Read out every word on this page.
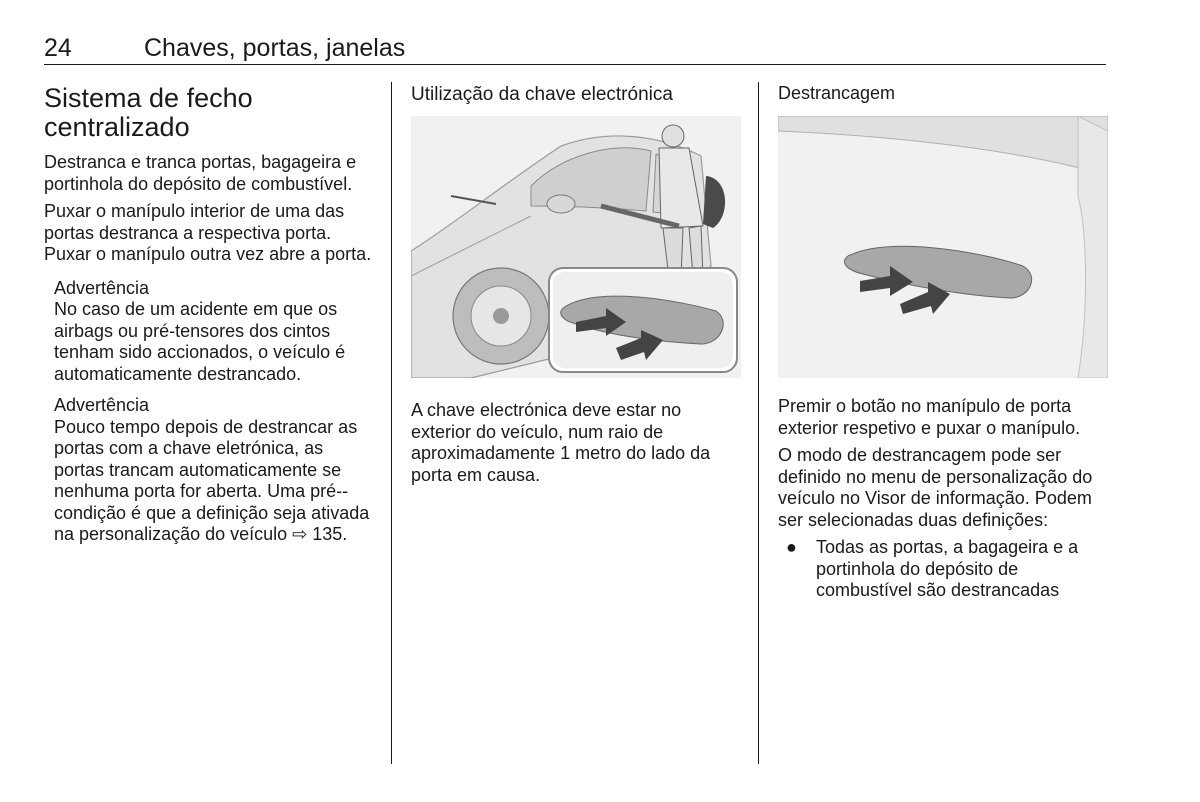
24	Chaves, portas, janelas
Sistema de fecho centralizado

Destranca e tranca portas, bagageira e portinhola do depósito de combustível.

Puxar o manípulo interior de uma das portas destranca a respectiva porta. Puxar o manípulo outra vez abre a porta.

Advertência

No caso de um acidente em que os airbags ou pré-tensores dos cintos tenham sido accionados, o veículo é automaticamente destrancado.

Advertência

Pouco tempo depois de destrancar as portas com a chave eletrónica, as portas trancam automaticamente se nenhuma porta for aberta. Uma pré--condição é que a definição seja ativada na personalização do veículo ⇨ 135.

Utilização da chave electrónica

A chave electrónica deve estar no exterior do veículo, num raio de aproximadamente 1 metro do lado da porta em causa.

Destrancagem

Premir o botão no manípulo de porta exterior respetivo e puxar o manípulo.

O modo de destrancagem pode ser definido no menu de personalização do veículo no Visor de informação. Podem ser selecionadas duas definições:

● Todas as portas, a bagageira e a portinhola do depósito de combustível são destrancadas
